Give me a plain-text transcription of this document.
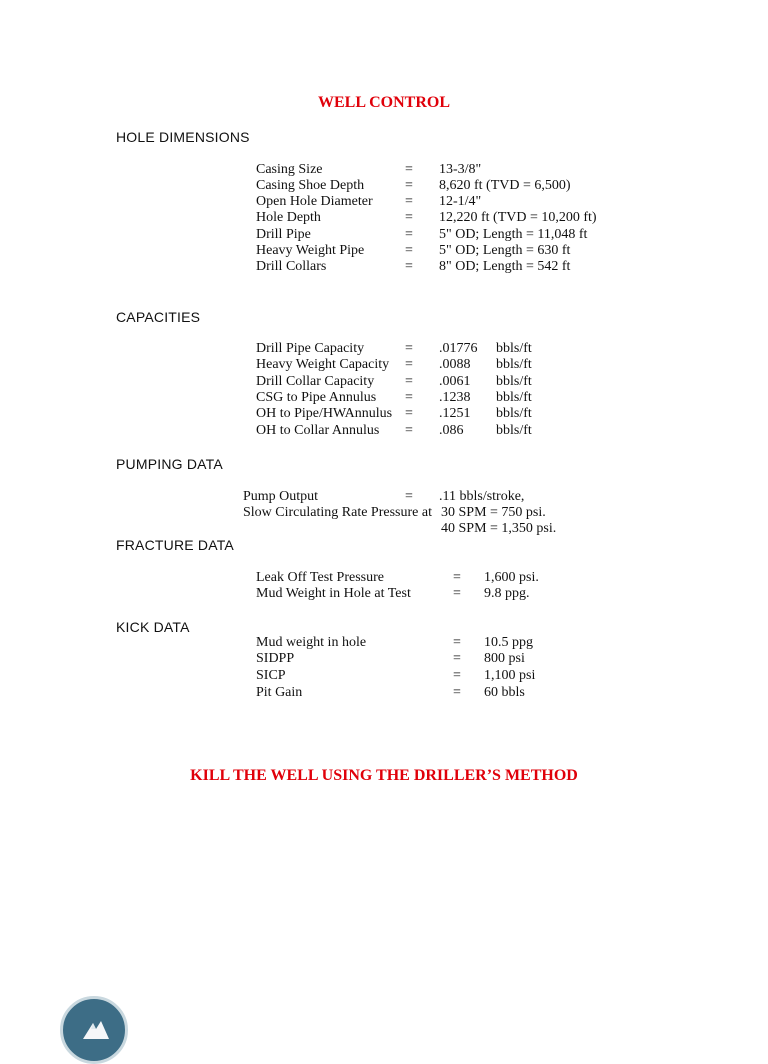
WELL CONTROL
HOLE DIMENSIONS
Casing Size	= 13-3/8"
Casing Shoe Depth	= 8,620 ft (TVD = 6,500)
Open Hole Diameter = 12-1/4"
Hole Depth	= 12,220 ft (TVD = 10,200 ft)
Drill Pipe	= 5" OD; Length = 11,048 ft
Heavy Weight Pipe	= 5" OD; Length = 630 ft
Drill Collars	= 8" OD; Length = 542 ft
CAPACITIES
Drill Pipe Capacity	= .01776 bbls/ft
Heavy Weight Capacity = .0088 bbls/ft
Drill Collar Capacity = .0061 bbls/ft
CSG to Pipe Annulus = .1238 bbls/ft
OH to Pipe/HWAnnulus = .1251 bbls/ft
OH to Collar Annulus = .086 bbls/ft
PUMPING DATA
Pump Output	= .11 bbls/stroke,
Slow Circulating Rate Pressure at 30 SPM = 750 psi.
40 SPM = 1,350 psi.
FRACTURE DATA
Leak Off Test Pressure	= 1,600 psi.
Mud Weight in Hole at Test	= 9.8 ppg.
KICK DATA
Mud weight in hole	= 10.5 ppg
SIDPP	= 800 psi
SICP	= 1,100 psi
Pit Gain	= 60 bbls
KILL THE WELL USING THE DRILLER’S METHOD
